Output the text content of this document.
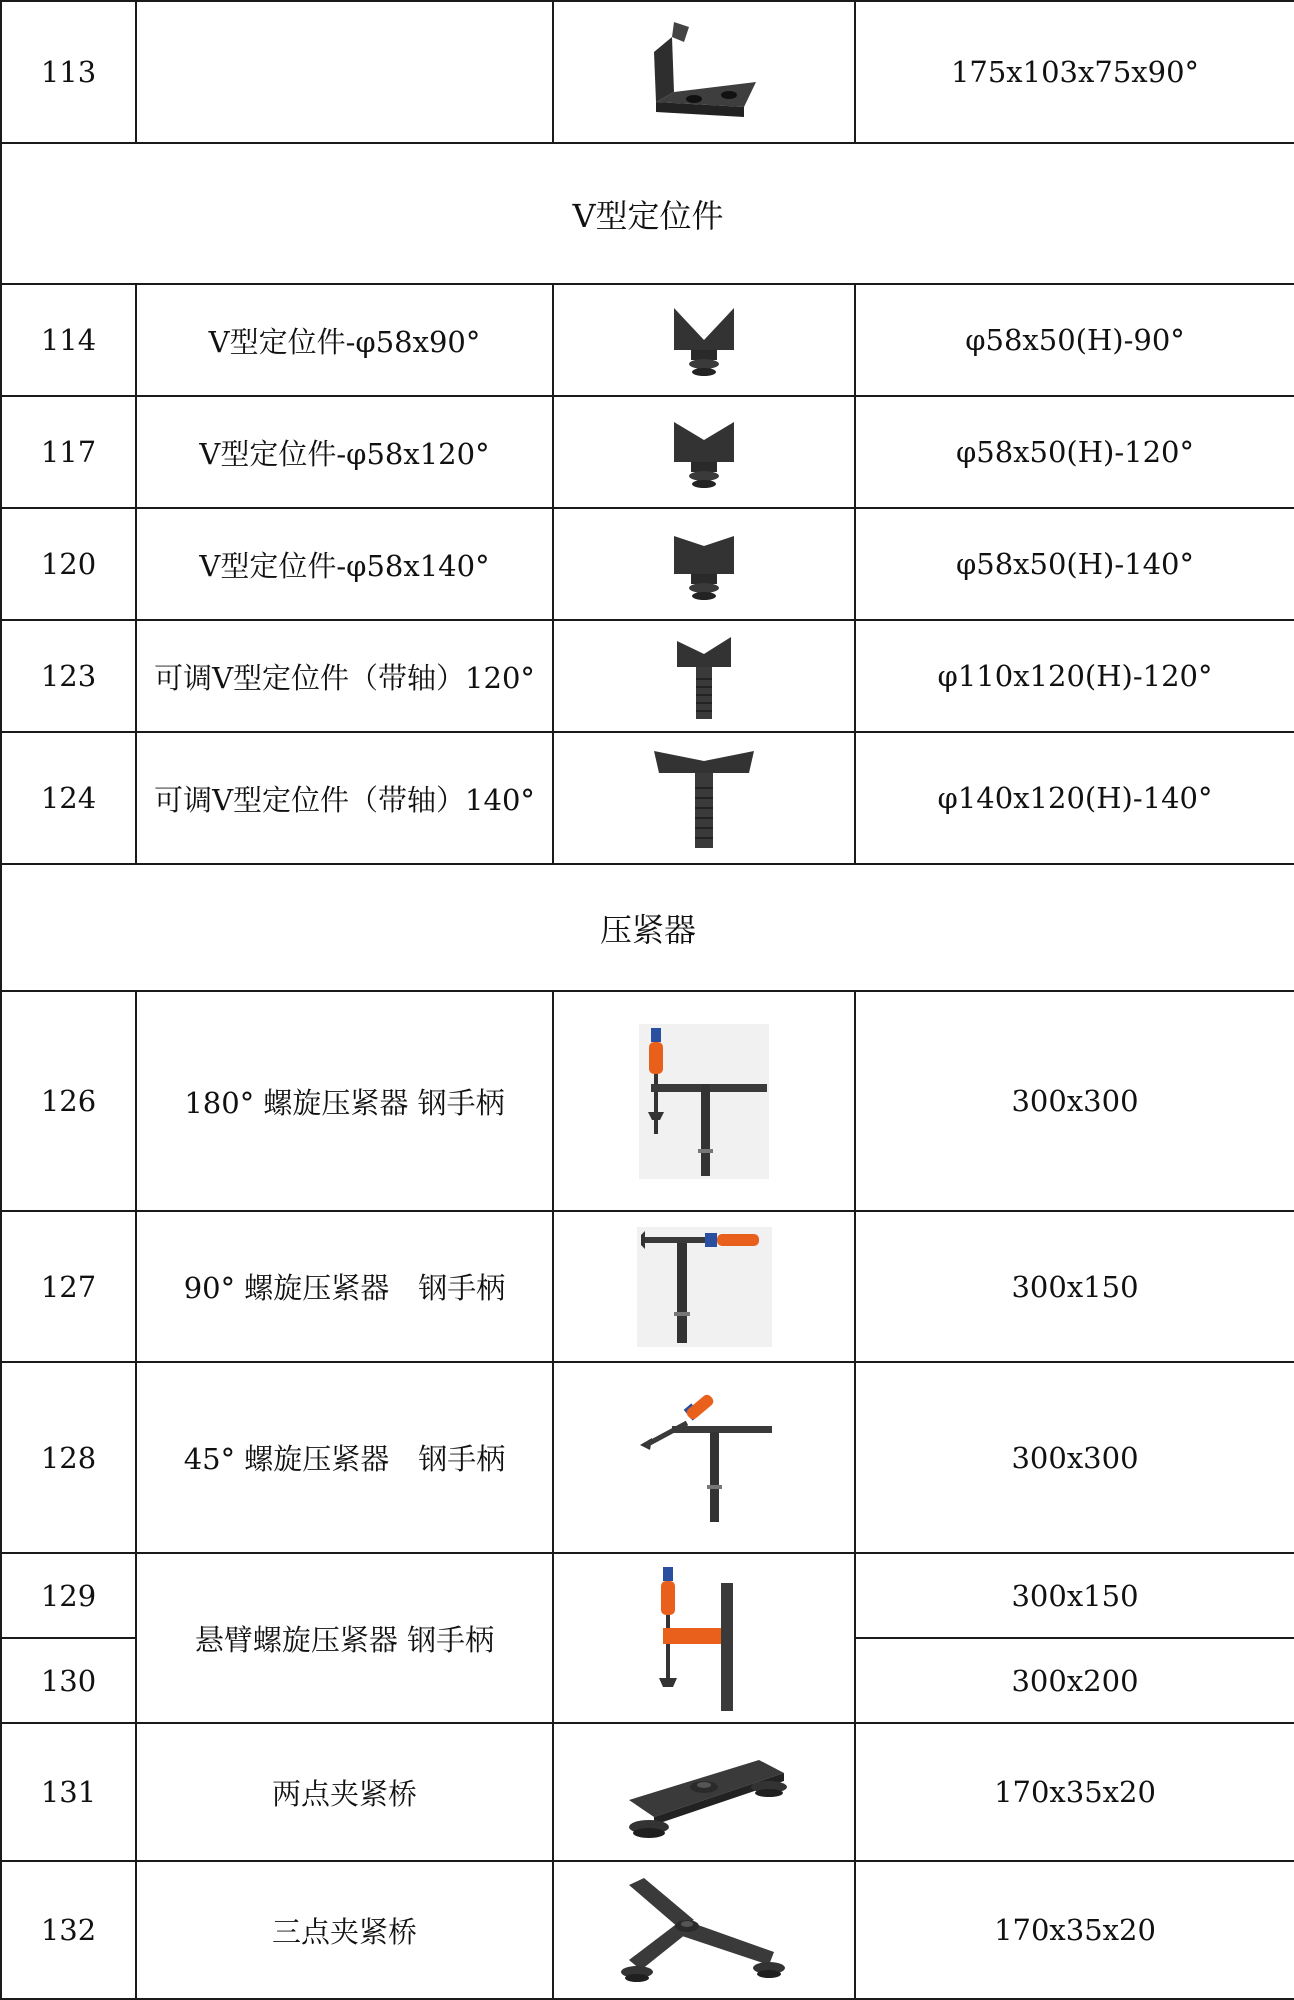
113			175x103x75x90°
V型定位件			
114	V型定位件-φ58x90°		φ58x50(H)-90°
117	V型定位件-φ58x120°		φ58x50(H)-120°
120	V型定位件-φ58x140°		φ58x50(H)-140°
123	可调V型定位件（带轴）120°		φ110x120(H)-120°
124	可调V型定位件（带轴）140°		φ140x120(H)-140°
压紧器			
126	180° 螺旋压紧器 钢手柄		300x300
127	90° 螺旋压紧器　钢手柄		300x150
128	45° 螺旋压紧器　钢手柄		300x300
129	悬臂螺旋压紧器 钢手柄		300x150
130			300x200
131	两点夹紧桥		170x35x20
132	三点夹紧桥		170x35x20
